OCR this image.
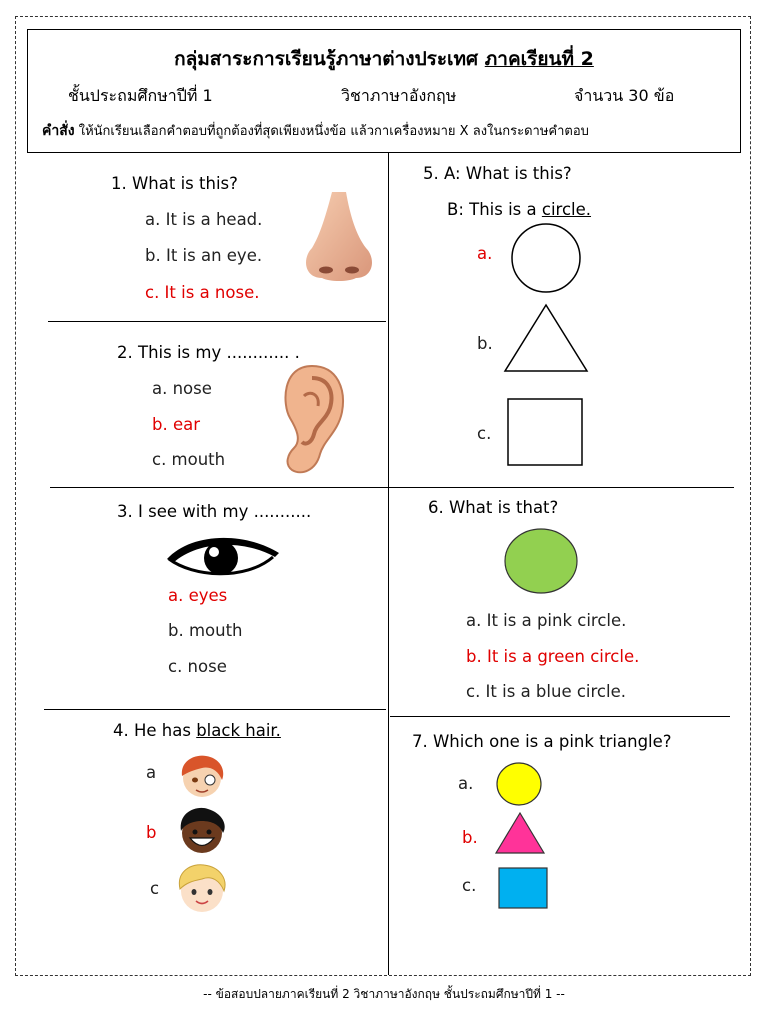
กลุ่มสาระการเรียนรู้ภาษาต่างประเทศ ภาคเรียนที่ 2
ชั้นประถมศึกษาปีที่ 1	วิชาภาษาอังกฤษ	จำนวน 30 ข้อ
คำสั่ง ให้นักเรียนเลือกคำตอบที่ถูกต้องที่สุดเพียงหนึ่งข้อ แล้วกาเครื่องหมาย X ลงในกระดาษคำตอบ
1. What is this?
a. It is a head.
b. It is an eye.
c. It is a nose.
2. This is my ............ .
a. nose
b. ear
c. mouth
3. I see with my ...........
a. eyes
b. mouth
c. nose
4. He has black hair.
a
b
c
5. A: What is this?
B: This is a circle.
a.
b.
c.
6. What is that?
a. It is a pink circle.
b. It is a green circle.
c. It is a blue circle.
7. Which one is a pink triangle?
a.
b.
c.
-- ข้อสอบปลายภาคเรียนที่ 2 วิชาภาษาอังกฤษ ชั้นประถมศึกษาปีที่ 1 --
